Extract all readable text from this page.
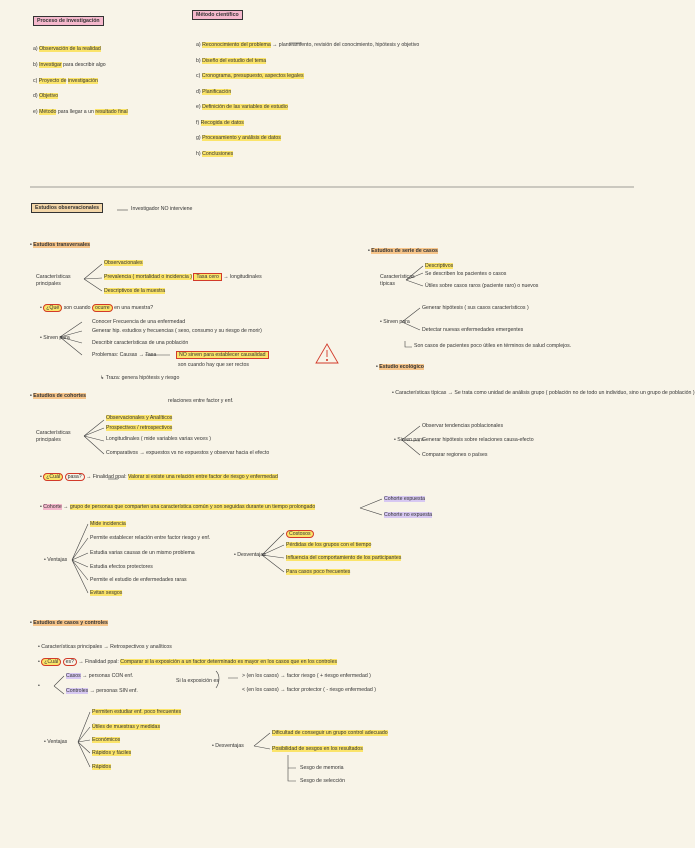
Proceso de investigación
a) Observación de la realidad
b) Investigar para describir algo
c) Proyecto de investigación
d) Objetivo
e) Método para llegar a un resultado final
Método científico
a) Reconocimiento del problema → planteamiento, revisión del conocimiento, hipótesis y objetivo
b) Diseño del estudio del tema
c) Cronograma, presupuesto, aspectos legales
d) Planificación
e) Definición de las variables de estudio
f) Recogida de datos
g) Procesamiento y análisis de datos
h) Conclusiones
Estudios observacionales	Investigador NO interviene
• Estudios transversales
Características principales
Observacionales
Prevalencia ( mortalidad o incidencia ) Tasa cero → longitudinales
Descriptivos de la muestra
• ¿Qué son cuando ocurre en una muestra?
• Sirven para
Conocer Frecuencia de una enfermedad
Generar hip. estudios y frecuencias ( sexo, consumo y su riesgo de morir)
Describir características de una población
Problemas: Causas → Tasa	NO sirven para establecer causalidad
son cuando hay que ser rectos
↳ Traza: genera hipótesis y riesgo
• Estudios de serie de casos
Características típicas
Descriptivos
Se describen los pacientes o casos
Útiles sobre casos raros (paciente raro) o nuevos
• Sirven para
Generar hipótesis ( sus casos característicos )
Detectar nuevas enfermedades emergentes
Son casos de pacientes poco útiles en términos de salud complejos.
• Estudio ecológico
• Características típicas → Se trata como unidad de análisis grupo ( población no de todo un individuo, sino un grupo de población )
• Sirven para
Observar tendencias poblacionales
Generar hipótesis sobre relaciones causa-efecto
Comparar regiones o países
• Estudios de cohortes
relaciones entre factor y enf.
Características principales
Observacionales y Analíticos
Prospectivos / retrospectivos
Longitudinales ( mide variables varias veces )
Comparativos → expuestos vs no expuestos y observar hacia el efecto
• ¿Cuál pasa? → Finalidad ppal: Valorar si existe una relación entre factor de riesgo y enfermedad
• Cohorte → grupo de personas que comparten una característica común y son seguidas durante un tiempo prolongado
Cohorte expuesta
Cohorte no expuesta
• Ventajas
Mide incidencia
Permite establecer relación entre factor riesgo y enf.
Estudia varias causas de un mismo problema
Estudia efectos protectores
Permite el estudio de enfermedades raras
Evitan sesgos
• Desventajas
Costosos
Pérdidas de los grupos con el tiempo
Influencia del comportamiento de los participantes
Para casos poco frecuentes
• Estudios de casos y controles
• Características principales → Retrospectivos y analíticos
• ¿Cuál es? → Finalidad ppal: Comparar si la exposición a un factor determinado es mayor en los casos que en los controles
•
Casos → personas CON enf.
Controles → personas SIN enf.
Si la exposición es
> (en los casos) → factor riesgo ( + riesgo enfermedad )
< (en los casos) → factor protector ( - riesgo enfermedad )
• Ventajas
Permiten estudiar enf. poco frecuentes
Útiles de muestras y medidas
Económicos
Rápidos y fáciles
Rápidos
• Desventajas
Dificultad de conseguir un grupo control adecuado
Posibilidad de sesgos en los resultados
Sesgo de memoria
Sesgo de selección
